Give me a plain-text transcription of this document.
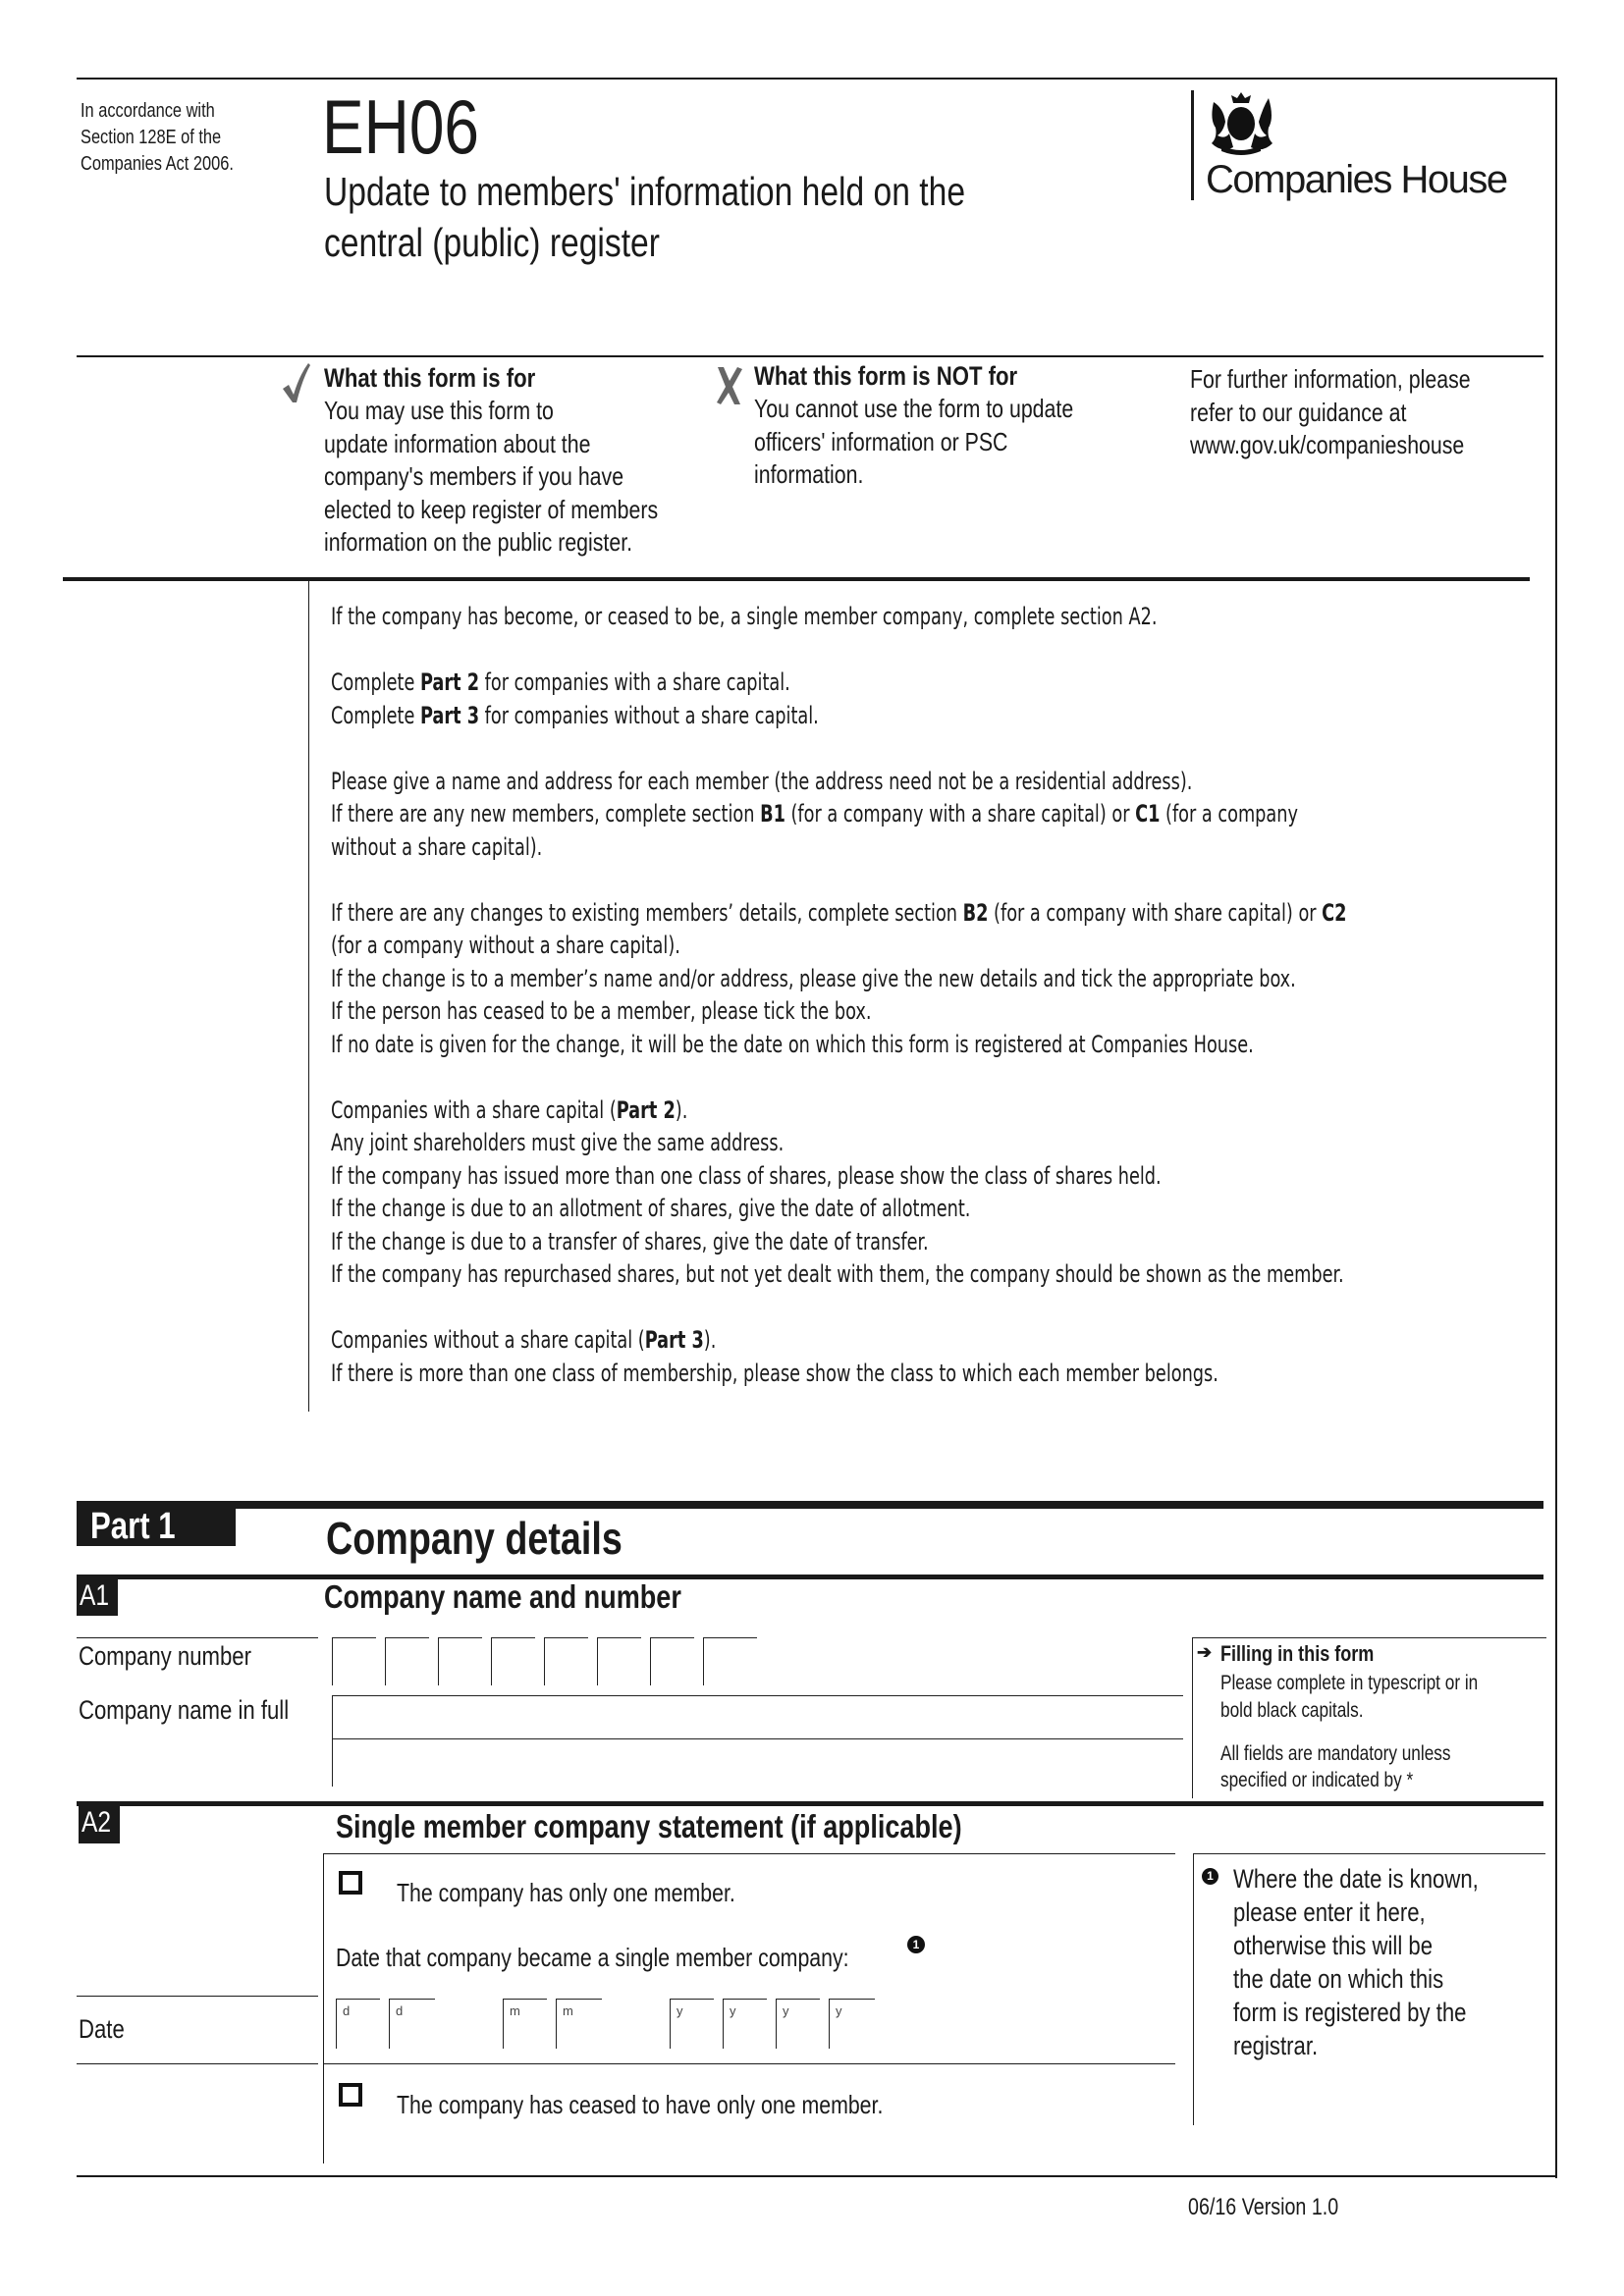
In accordance with
Section 128E of the
Companies Act 2006. EH06
Update to members' information held on the
central (public) register
Companies House
What this form is for
You may use this form to
update information about the
company's members if you have
elected to keep register of members
information on the public register.
What this form is NOT for
You cannot use the form to update
officers' information or PSC
information.
For further information, please
refer to our guidance at
www.gov.uk/companieshouse

If the company has become, or ceased to be, a single member company, complete section A2.

Complete Part 2 for companies with a share capital.

Complete Part 3 for companies without a share capital.

Please give a name and address for each member (the address need not be a residential address).

If there are any new members, complete section B1 (for a company with a share capital) or C1 (for a company

without a share capital).

If there are any changes to existing members’ details, complete section B2 (for a company with share capital) or C2

(for a company without a share capital).

If the change is to a member’s name and/or address, please give the new details and tick the appropriate box.

If the person has ceased to be a member, please tick the box.

If no date is given for the change, it will be the date on which this form is registered at Companies House.

Companies with a share capital (Part 2).

Any joint shareholders must give the same address.

If the company has issued more than one class of shares, please show the class of shares held.

If the change is due to an allotment of shares, give the date of allotment.

If the change is due to a transfer of shares, give the date of transfer.

If the company has repurchased shares, but not yet dealt with them, the company should be shown as the member.

Companies without a share capital (Part 3).

If there is more than one class of membership, please show the class to which each member belongs.

Part 1	Company details
A1	Company name and number
Company number
Company name in full
➔ Filling in this form
Please complete in typescript or in
bold black capitals.
All fields are mandatory unless
specified or indicated by *
A2	Single member company statement (if applicable)
The company has only one member.
Date that company became a single member company:	1
Date
d	d	m	m	y	y	y	y
The company has ceased to have only one member.
1 Where the date is known,
please enter it here,
otherwise this will be
the date on which this
form is registered by the
registrar.
06/16 Version 1.0
